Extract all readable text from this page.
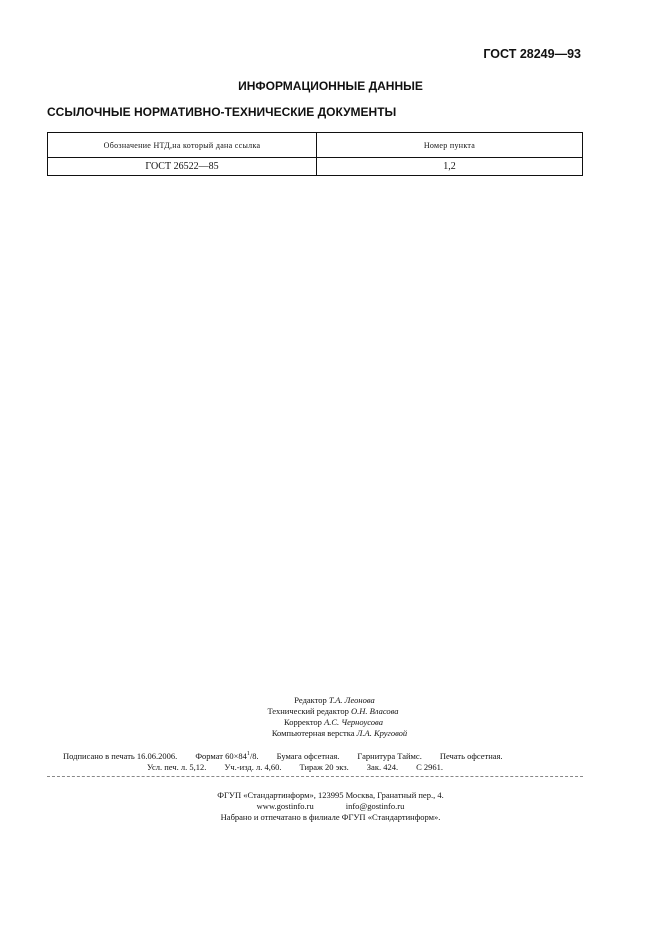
ГОСТ 28249—93
ИНФОРМАЦИОННЫЕ ДАННЫЕ
ССЫЛОЧНЫЕ НОРМАТИВНО-ТЕХНИЧЕСКИЕ ДОКУМЕНТЫ
Обозначение НТД,на который дана ссылка	Номер пункта
ГОСТ 26522—85	1,2
Редактор Т.А. Леонова
Технический редактор О.Н. Власова
Корректор А.С. Черноусова
Компьютерная верстка Л.А. Круговой
Подписано в печать 16.06.2006. Формат $60\times 84^1/8$. Бумага офсетная. Гарнитура Таймс. Печать офсетная.
Усл. печ. л. 5,12. Уч.-изд. л. 4,60. Тираж 20 экз. Зак. 424. С 2961.
ФГУП «Стандартинформ», 123995 Москва, Гранатный пер., 4.
www.gostinfo.ru	info@gostinfo.ru
Набрано и отпечатано в филиале ФГУП «Стандартинформ».
